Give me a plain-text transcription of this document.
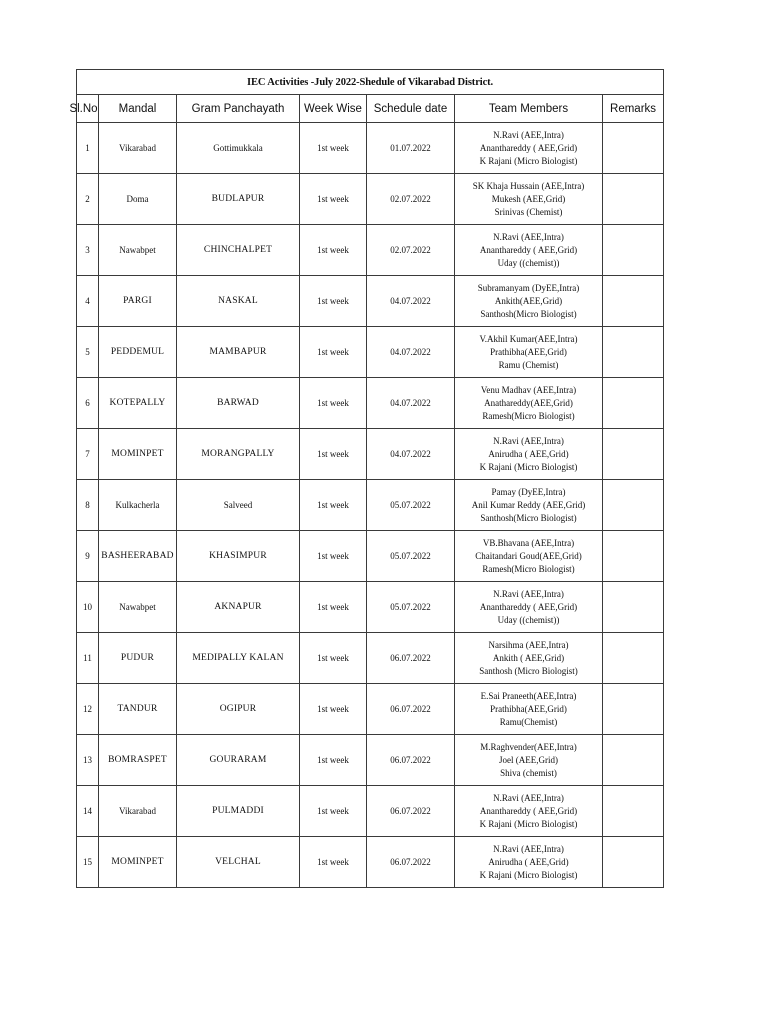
IEC Activities -July 2022-Shedule of Vikarabad District.						
Sl.No	Mandal	Gram Panchayath	Week Wise	Schedule date	Team Members	Remarks
1	Vikarabad	Gottimukkala	1st week	01.07.2022	N.Ravi (AEE,Intra)
Ananthareddy ( AEE,Grid)
K Rajani (Micro Biologist)	

2	Doma	BUDLAPUR	1st week	02.07.2022	SK Khaja Hussain (AEE,Intra)
Mukesh (AEE,Grid)
Srinivas (Chemist)	

3	Nawabpet	CHINCHALPET	1st week	02.07.2022	N.Ravi (AEE,Intra)
Ananthareddy ( AEE,Grid)
Uday ((chemist))	

4	PARGI	NASKAL	1st week	04.07.2022	Subramanyam (DyEE,Intra)
Ankith(AEE,Grid)
Santhosh(Micro Biologist)	

5	PEDDEMUL	MAMBAPUR	1st week	04.07.2022	V.Akhil Kumar(AEE,Intra)
Prathibha(AEE,Grid)
Ramu (Chemist)	

6	KOTEPALLY	BARWAD	1st week	04.07.2022	Venu Madhav (AEE,Intra)
Anathareddy(AEE,Grid)
Ramesh(Micro Biologist)	

7	MOMINPET	MORANGPALLY	1st week	04.07.2022	N.Ravi (AEE,Intra)
Anirudha ( AEE,Grid)
K Rajani (Micro Biologist)	

8	Kulkacherla	Salveed	1st week	05.07.2022	Pamay (DyEE,Intra)
Anil Kumar Reddy (AEE,Grid)
Santhosh(Micro Biologist)	

9	BASHEERABAD	KHASIMPUR	1st week	05.07.2022	VB.Bhavana (AEE,Intra)
Chaitandari Goud(AEE,Grid)
Ramesh(Micro Biologist)	

10	Nawabpet	AKNAPUR	1st week	05.07.2022	N.Ravi (AEE,Intra)
Ananthareddy ( AEE,Grid)
Uday ((chemist))	

11	PUDUR	MEDIPALLY KALAN	1st week	06.07.2022	Narsihma (AEE,Intra)
Ankith ( AEE,Grid)
Santhosh (Micro Biologist)	

12	TANDUR	OGIPUR	1st week	06.07.2022	E.Sai Praneeth(AEE,Intra)
Prathibha(AEE,Grid)
Ramu(Chemist)	

13	BOMRASPET	GOURARAM	1st week	06.07.2022	M.Raghvender(AEE,Intra)
Joel (AEE,Grid)
Shiva (chemist)	

14	Vikarabad	PULMADDI	1st week	06.07.2022	N.Ravi (AEE,Intra)
Ananthareddy ( AEE,Grid)
K Rajani (Micro Biologist)	

15	MOMINPET	VELCHAL	1st week	06.07.2022	N.Ravi (AEE,Intra)
Anirudha ( AEE,Grid)
K Rajani (Micro Biologist)	
